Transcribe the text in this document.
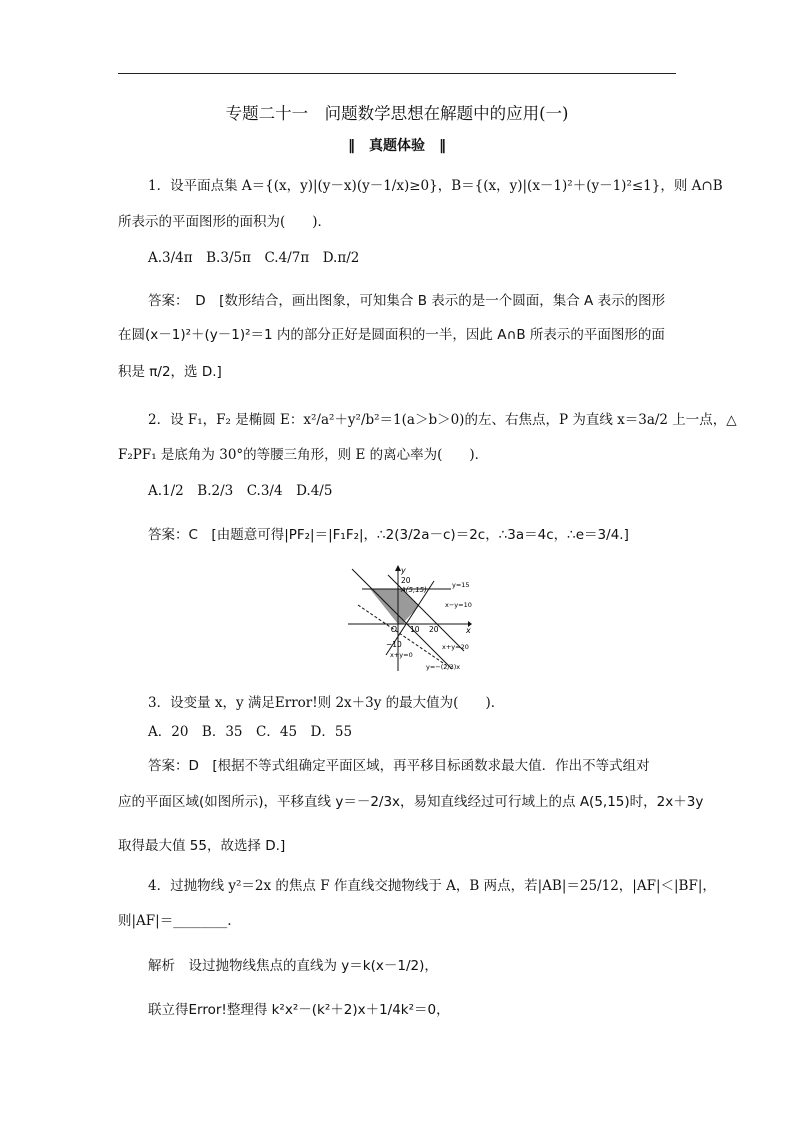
专题二十一　问题数学思想在解题中的应用(一)
‖　真题体验　‖
1．设平面点集 A＝{(x，y)|(y－x)(y－1/x)≥0}，B＝{(x，y)|(x－1)²＋(y－1)²≤1}，则 A∩B
所表示的平面图形的面积为(　　)．
A.3/4π　B.3/5π　C.4/7π　D.π/2
答案：　D　[数形结合，画出图象，可知集合 B 表示的是一个圆面，集合 A 表示的图形
在圆(x－1)²＋(y－1)²＝1 内的部分正好是圆面积的一半，因此 A∩B 所表示的平面图形的面
积是 π/2，选 D.]
2．设 F₁，F₂ 是椭圆 E：x²/a²＋y²/b²＝1(a＞b＞0)的左、右焦点，P 为直线 x＝3a/2 上一点，△
F₂PF₁ 是底角为 30°的等腰三角形，则 E 的离心率为(　　)．
A.1/2　B.2/3　C.3/4　D.4/5
答案：C　[由题意可得|PF₂|＝|F₁F₂|，∴2(3/2a－c)＝2c，∴3a＝4c，∴e＝3/4.]
y
x
20
A(5,15)
y=15
x−y=10
O 10 20
−10	x+y=20
x+y=0
y=−(2/3)x
3．设变量 x，y 满足Error!则 2x＋3y 的最大值为(　　)．
A．20　B．35　C．45　D．55
答案：D　[根据不等式组确定平面区域，再平移目标函数求最大值．作出不等式组对
应的平面区域(如图所示)，平移直线 y＝－2/3x，易知直线经过可行域上的点 A(5,15)时，2x＋3y
取得最大值 55，故选择 D.]
4．过抛物线 y²＝2x 的焦点 F 作直线交抛物线于 A，B 两点，若|AB|＝25/12，|AF|＜|BF|，
则|AF|＝________.
解析　设过抛物线焦点的直线为 y＝k(x－1/2)，
联立得Error!整理得 k²x²－(k²＋2)x＋1/4k²＝0，
